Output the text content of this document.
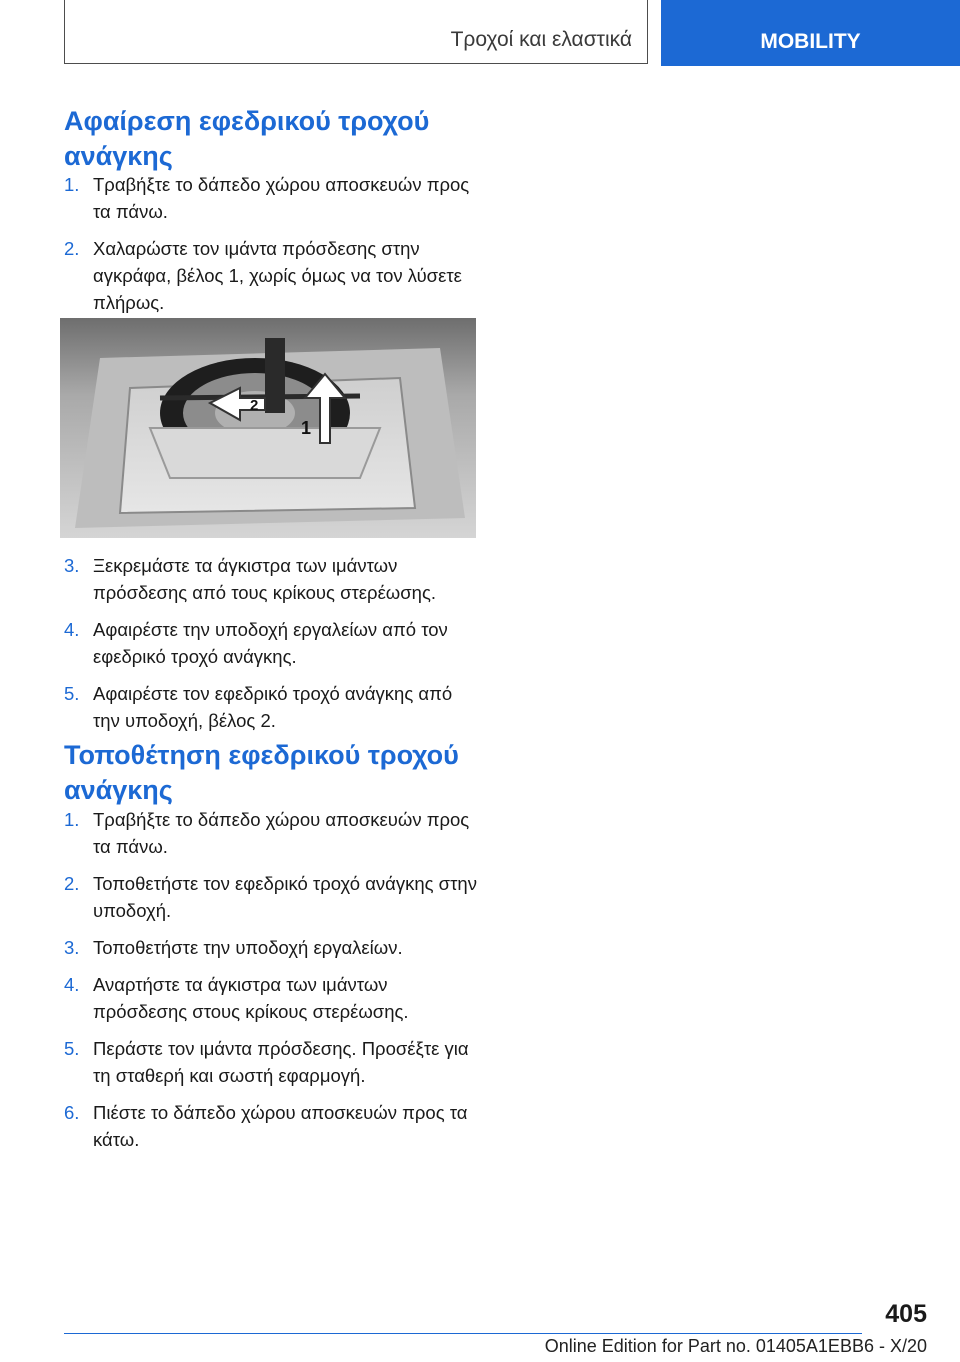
Τροχοί και ελαστικά	MOBILITY
Αφαίρεση εφεδρικού τροχού
ανάγκης
1. Τραβήξτε το δάπεδο χώρου αποσκευών προς τα πάνω.
2. Χαλαρώστε τον ιμάντα πρόσδεσης στην αγκράφα, βέλος 1, χωρίς όμως να τον λύσετε πλήρως.
2
1
3. Ξεκρεμάστε τα άγκιστρα των ιμάντων πρόσδεσης από τους κρίκους στερέωσης.
4. Αφαιρέστε την υποδοχή εργαλείων από τον εφεδρικό τροχό ανάγκης.
5. Αφαιρέστε τον εφεδρικό τροχό ανάγκης από την υποδοχή, βέλος 2.
Τοποθέτηση εφεδρικού τροχού
ανάγκης
1. Τραβήξτε το δάπεδο χώρου αποσκευών προς τα πάνω.
2. Τοποθετήστε τον εφεδρικό τροχό ανάγκης στην υποδοχή.
3. Τοποθετήστε την υποδοχή εργαλείων.
4. Αναρτήστε τα άγκιστρα των ιμάντων πρόσδεσης στους κρίκους στερέωσης.
5. Περάστε τον ιμάντα πρόσδεσης. Προσέξτε για τη σταθερή και σωστή εφαρμογή.
6. Πιέστε το δάπεδο χώρου αποσκευών προς τα κάτω.
405
Online Edition for Part no. 01405A1EBB6 - X/20
